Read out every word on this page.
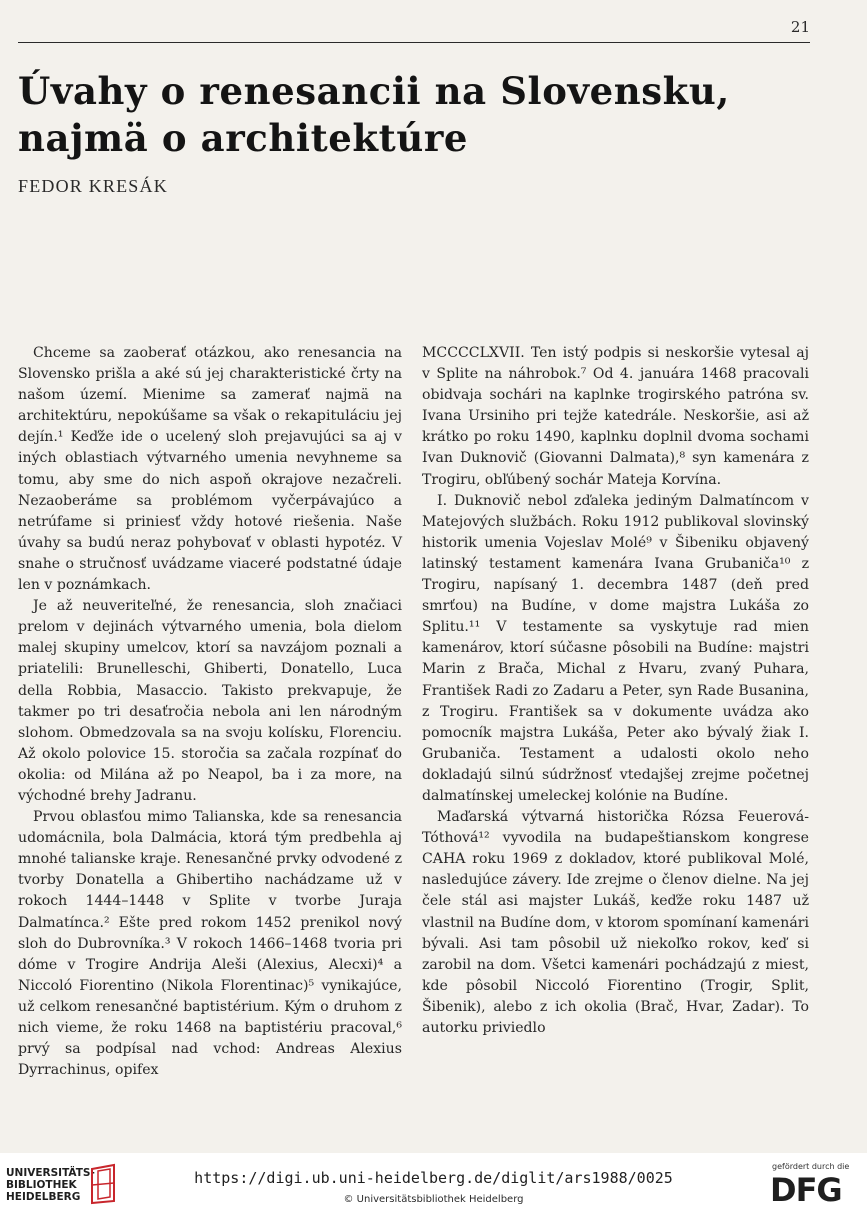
21
Úvahy o renesancii na Slovensku,
najmä o architektúre
FEDOR KRESÁK

Chceme sa zaoberať otázkou, ako renesancia na Slovensko prišla a aké sú jej charakteristické črty na našom území. Mienime sa zamerať najmä na architektúru, nepokúšame sa však o rekapituláciu jej dejín.¹ Keďže ide o ucelený sloh prejavujúci sa aj v iných oblastiach výtvarného umenia nevyhneme sa tomu, aby sme do nich aspoň okrajove nezačreli. Nezaoberáme sa problémom vyčerpávajúco a netrúfame si priniesť vždy hotové riešenia. Naše úvahy sa budú neraz pohybovať v oblasti hypotéz. V snahe o stručnosť uvádzame viaceré podstatné údaje len v poznámkach.

Je až neuveriteľné, že renesancia, sloh značiaci prelom v dejinách výtvarného umenia, bola dielom malej skupiny umelcov, ktorí sa navzájom poznali a priatelili: Brunelleschi, Ghiberti, Donatello, Luca della Robbia, Masaccio. Takisto prekvapuje, že takmer po tri desaťročia nebola ani len národným slohom. Obmedzovala sa na svoju kolísku, Florenciu. Až okolo polovice 15. storočia sa začala rozpínať do okolia: od Milána až po Neapol, ba i za more, na východné brehy Jadranu.

Prvou oblasťou mimo Talianska, kde sa renesancia udomácnila, bola Dalmácia, ktorá tým predbehla aj mnohé talianske kraje. Renesančné prvky odvodené z tvorby Donatella a Ghibertiho nachádzame už v rokoch 1444–1448 v Splite v tvorbe Juraja Dalmatínca.² Ešte pred rokom 1452 prenikol nový sloh do Dubrovníka.³ V rokoch 1466–1468 tvoria pri dóme v Trogire Andrija Aleši (Alexius, Alecxi)⁴ a Niccoló Fiorentino (Nikola Florentinac)⁵ vynikajúce, už celkom renesančné baptistérium. Kým o druhom z nich vieme, že roku 1468 na baptistériu pracoval,⁶ prvý sa podpísal nad vchod: Andreas Alexius Dyrrachinus, opifex

MCCCCLXVII. Ten istý podpis si neskoršie vytesal aj v Splite na náhrobok.⁷ Od 4. januára 1468 pracovali obidvaja sochári na kaplnke trogirského patróna sv. Ivana Ursiniho pri tejže katedrále. Neskoršie, asi až krátko po roku 1490, kaplnku doplnil dvoma sochami Ivan Duknovič (Giovanni Dalmata),⁸ syn kamenára z Trogiru, obľúbený sochár Mateja Korvína.

I. Duknovič nebol zďaleka jediným Dalmatíncom v Matejových službách. Roku 1912 publikoval slovinský historik umenia Vojeslav Molé⁹ v Šibeniku objavený latinský testament kamenára Ivana Grubaniča¹⁰ z Trogiru, napísaný 1. decembra 1487 (deň pred smrťou) na Budíne, v dome majstra Lukáša zo Splitu.¹¹ V testamente sa vyskytuje rad mien kamenárov, ktorí súčasne pôsobili na Budíne: majstri Marin z Brača, Michal z Hvaru, zvaný Puhara, František Radi zo Zadaru a Peter, syn Rade Busanina, z Trogiru. František sa v dokumente uvádza ako pomocník majstra Lukáša, Peter ako bývalý žiak I. Grubaniča. Testament a udalosti okolo neho dokladajú silnú súdržnosť vtedajšej zrejme početnej dalmatínskej umeleckej kolónie na Budíne.

Maďarská výtvarná historička Rózsa Feuerová-Tóthová¹² vyvodila na budapeštianskom kongrese CAHA roku 1969 z dokladov, ktoré publikoval Molé, nasledujúce závery. Ide zrejme o členov dielne. Na jej čele stál asi majster Lukáš, keďže roku 1487 už vlastnil na Budíne dom, v ktorom spomínaní kamenári bývali. Asi tam pôsobil už niekoľko rokov, keď si zarobil na dom. Všetci kamenári pochádzajú z miest, kde pôsobil Niccoló Fiorentino (Trogir, Split, Šibenik), alebo z ich okolia (Brač, Hvar, Zadar). To autorku priviedlo

UNIVERSITÄTS-
BIBLIOTHEK
HEIDELBERG
https://digi.ub.uni-heidelberg.de/diglit/ars1988/0025
© Universitätsbibliothek Heidelberg
gefördert durch die
DFG
